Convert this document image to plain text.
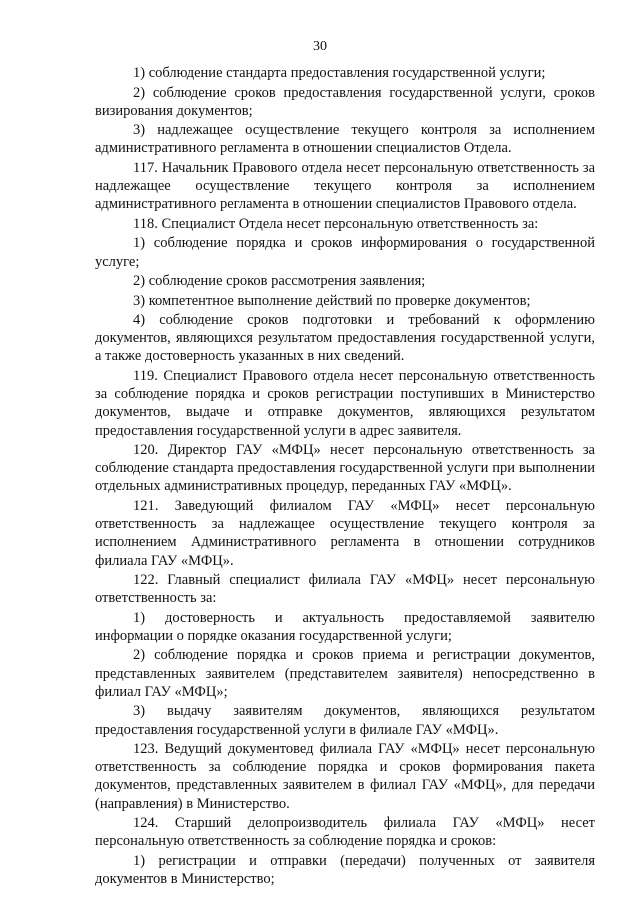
30

1) соблюдение стандарта предоставления государственной услуги;

2) соблюдение сроков предоставления государственной услуги, сроков визирования документов;

3) надлежащее осуществление текущего контроля за исполнением административного регламента в отношении специалистов Отдела.

117. Начальник Правового отдела несет персональную ответственность за надлежащее осуществление текущего контроля за исполнением административного регламента в отношении специалистов Правового отдела.

118. Специалист Отдела несет персональную ответственность за:

1) соблюдение порядка и сроков информирования о государственной услуге;

2) соблюдение сроков рассмотрения заявления;

3) компетентное выполнение действий по проверке документов;

4) соблюдение сроков подготовки и требований к оформлению документов, являющихся результатом предоставления государственной услуги, а также достоверность указанных в них сведений.

119. Специалист Правового отдела несет персональную ответственность за соблюдение порядка и сроков регистрации поступивших в Министерство документов, выдаче и отправке документов, являющихся результатом предоставления государственной услуги в адрес заявителя.

120. Директор ГАУ «МФЦ» несет персональную ответственность за соблюдение стандарта предоставления государственной услуги при выполнении отдельных административных процедур, переданных ГАУ «МФЦ».

121. Заведующий филиалом ГАУ «МФЦ» несет персональную ответственность за надлежащее осуществление текущего контроля за исполнением Административного регламента в отношении сотрудников филиала ГАУ «МФЦ».

122. Главный специалист филиала ГАУ «МФЦ» несет персональную ответственность за:

1) достоверность и актуальность предоставляемой заявителю информации о порядке оказания государственной услуги;

2) соблюдение порядка и сроков приема и регистрации документов, представленных заявителем (представителем заявителя) непосредственно в филиал ГАУ «МФЦ»;

3) выдачу заявителям документов, являющихся результатом предоставления государственной услуги в филиале ГАУ «МФЦ».

123. Ведущий документовед филиала ГАУ «МФЦ» несет персональную ответственность за соблюдение порядка и сроков формирования пакета документов, представленных заявителем в филиал ГАУ «МФЦ», для передачи (направления) в Министерство.

124. Старший делопроизводитель филиала ГАУ «МФЦ» несет персональную ответственность за соблюдение порядка и сроков:

1) регистрации и отправки (передачи) полученных от заявителя документов в Министерство;
